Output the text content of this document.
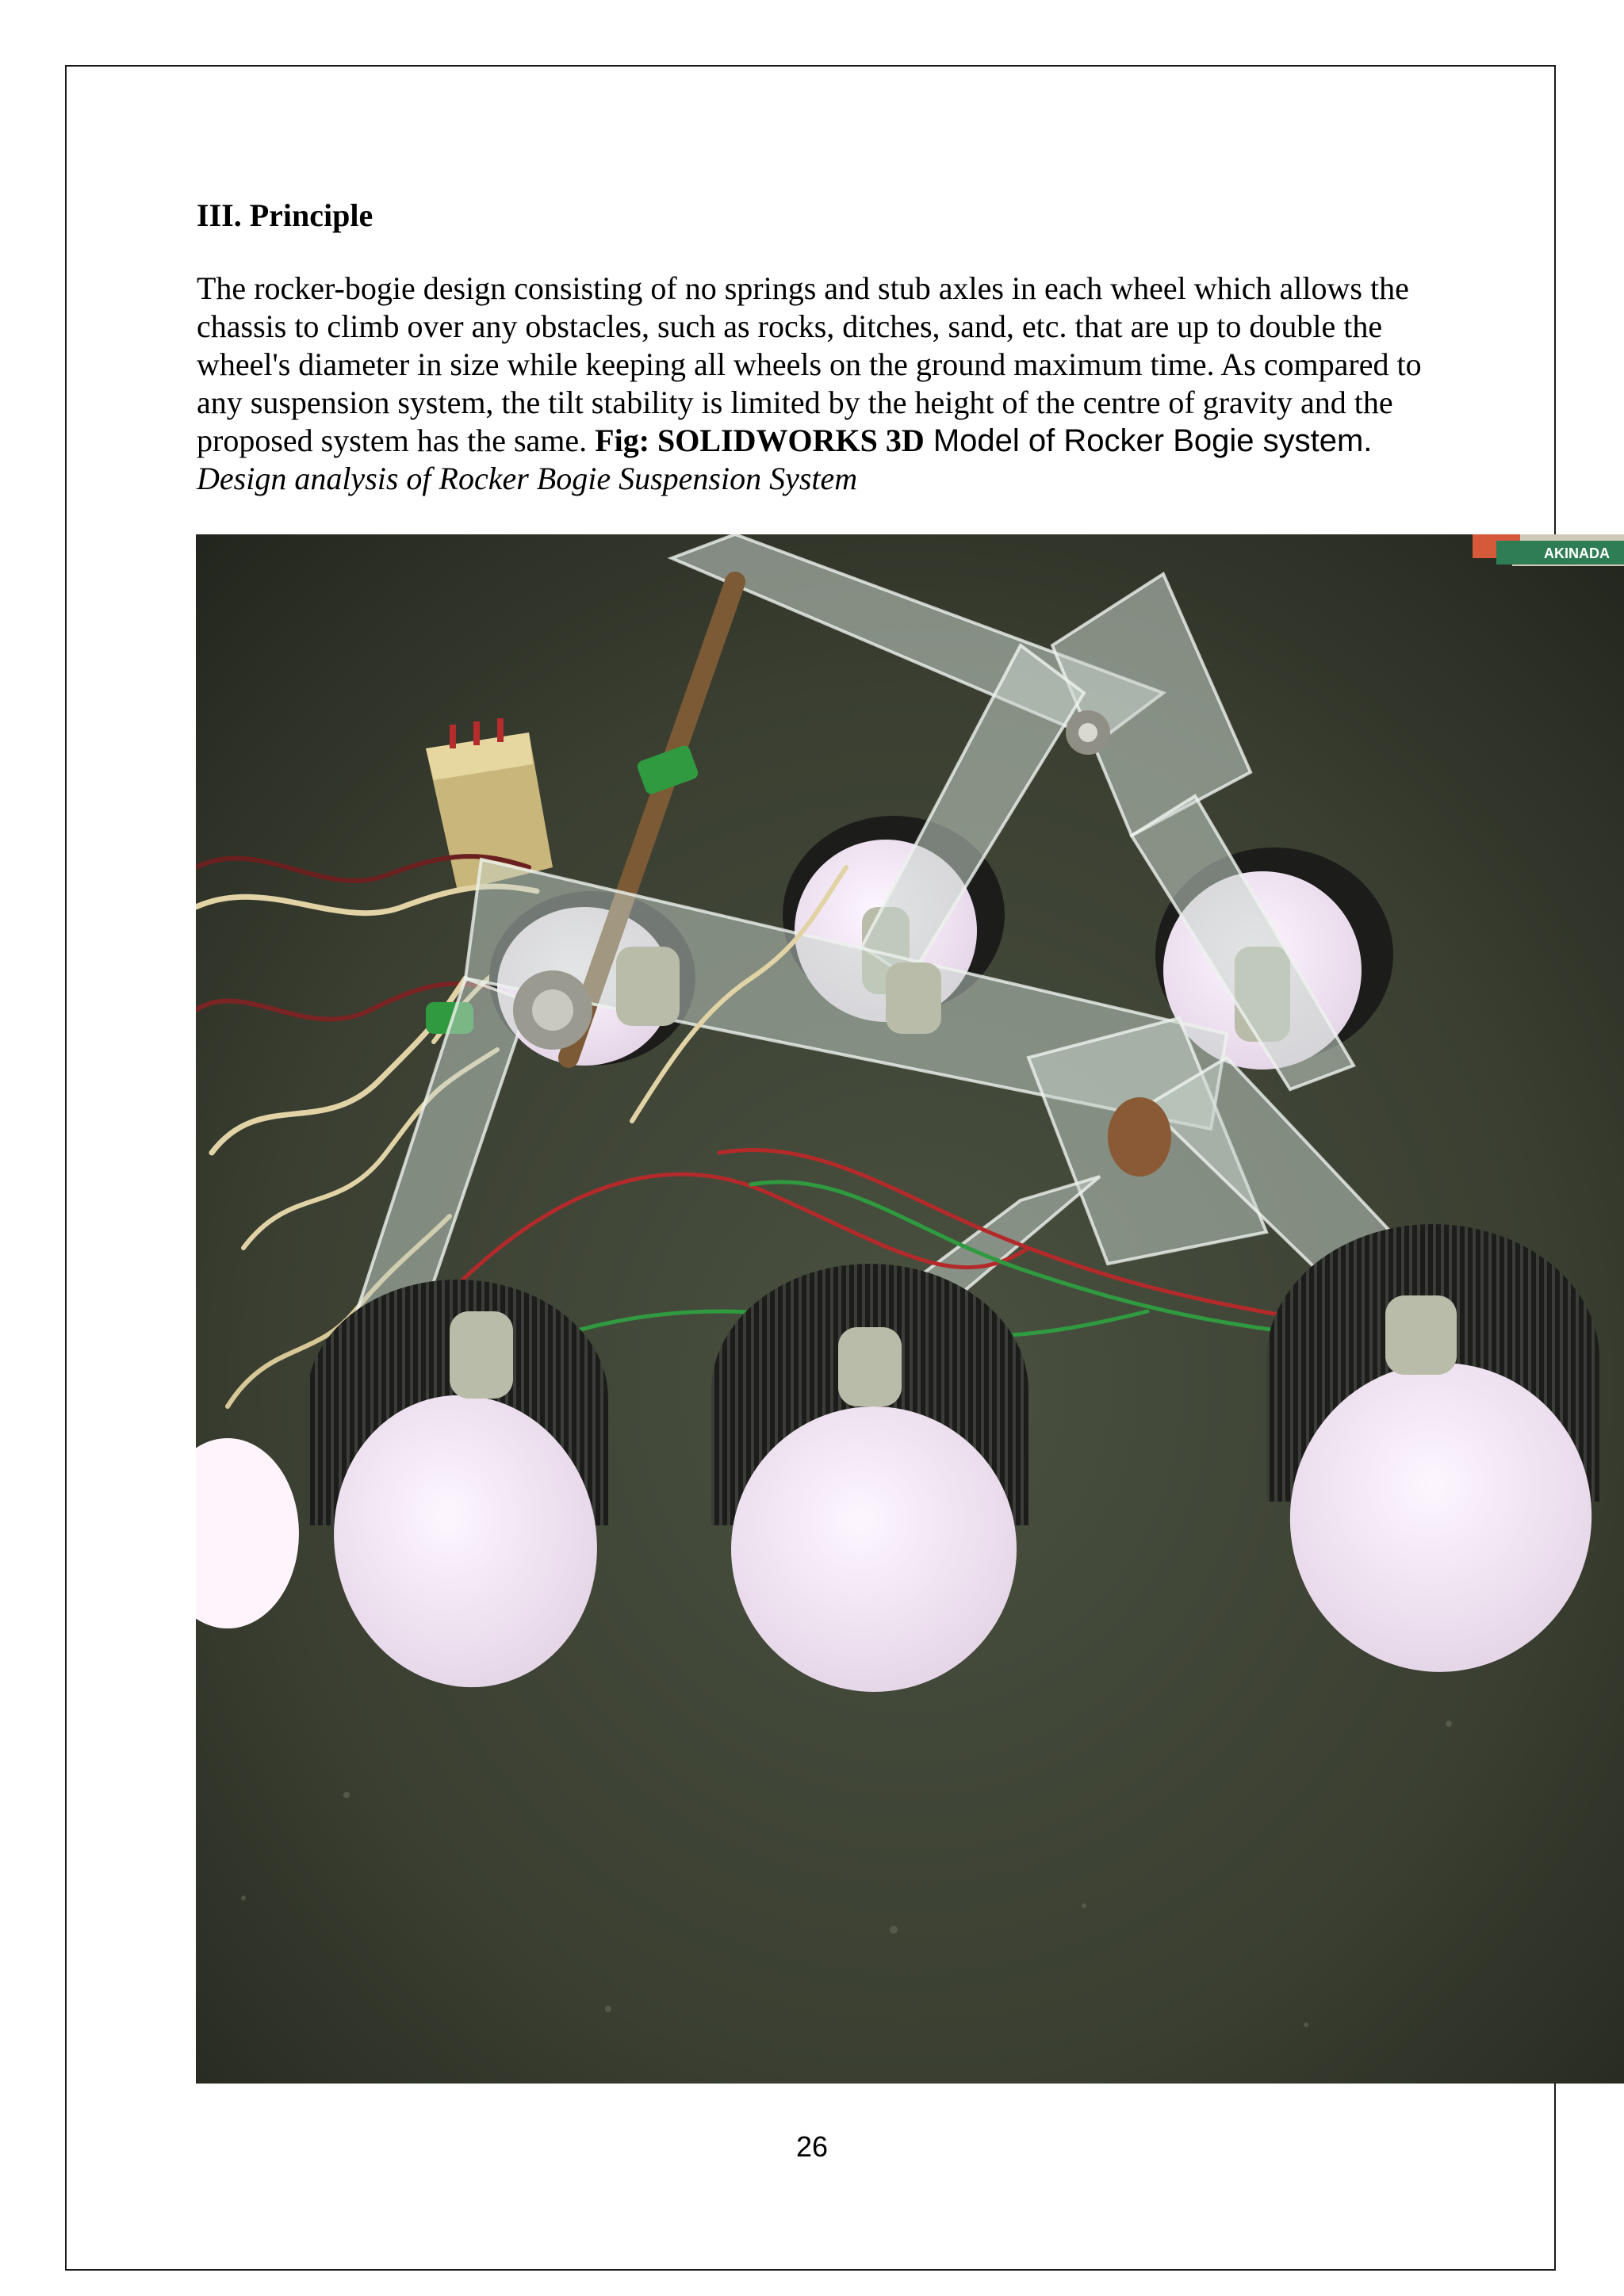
III. Principle

The rocker-bogie design consisting of no springs and stub axles in each wheel which allows the chassis to climb over any obstacles, such as rocks, ditches, sand, etc. that are up to double the wheel's diameter in size while keeping all wheels on the ground maximum time. As compared to any suspension system, the tilt stability is limited by the height of the centre of gravity and the proposed system has the same. Fig: SOLIDWORKS 3D Model of Rocker Bogie system. Design analysis of Rocker Bogie Suspension System

AKINADA
26
